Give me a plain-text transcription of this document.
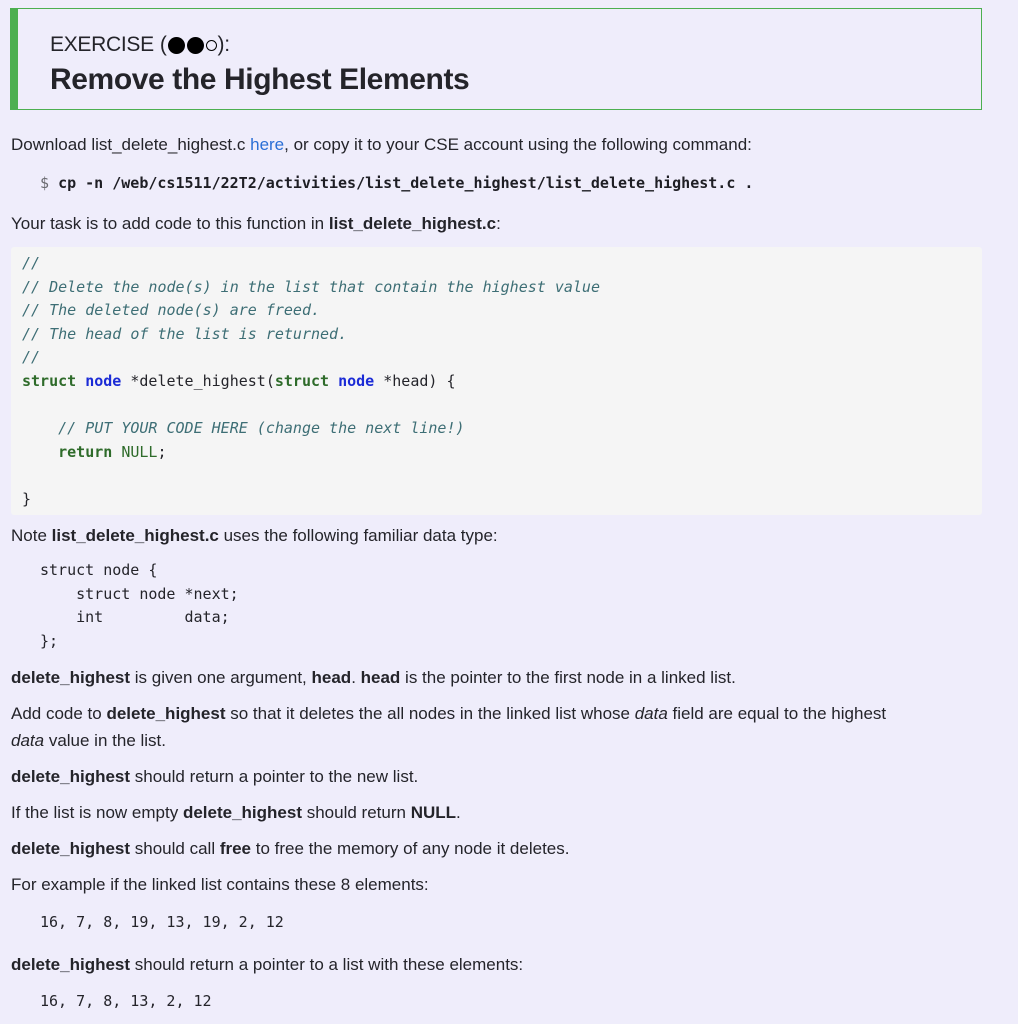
EXERCISE ( ):
Remove the Highest Elements
Download list_delete_highest.c here, or copy it to your CSE account using the following command:
$ cp -n /web/cs1511/22T2/activities/list_delete_highest/list_delete_highest.c .
Your task is to add code to this function in list_delete_highest.c:
//
// Delete the node(s) in the list that contain the highest value
// The deleted node(s) are freed.
// The head of the list is returned.
//
struct node *delete_highest(struct node *head) {

// PUT YOUR CODE HERE (change the next line!)
return NULL;

}
Note list_delete_highest.c uses the following familiar data type:
struct node {
struct node *next;
int         data;
};
delete_highest is given one argument, head. head is the pointer to the first node in a linked list.
Add code to delete_highest so that it deletes the all nodes in the linked list whose data field are equal to the highest
data value in the list.
delete_highest should return a pointer to the new list.
If the list is now empty delete_highest should return NULL.
delete_highest should call free to free the memory of any node it deletes.
For example if the linked list contains these 8 elements:
16, 7, 8, 19, 13, 19, 2, 12
delete_highest should return a pointer to a list with these elements:
16, 7, 8, 13, 2, 12
